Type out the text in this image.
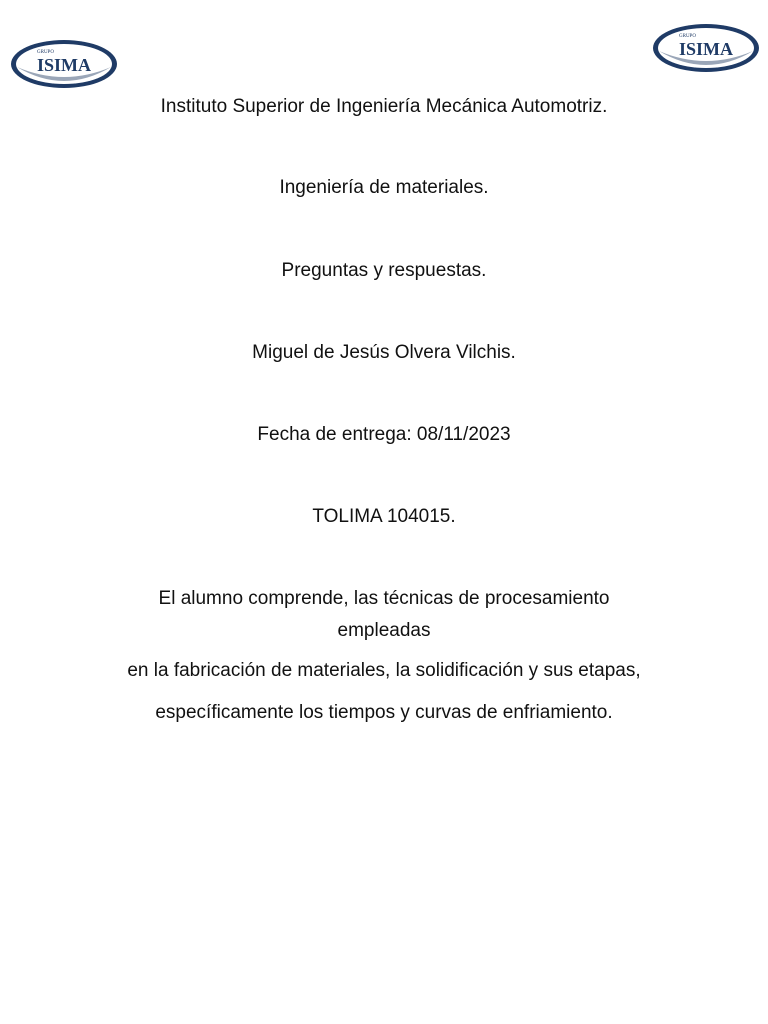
GRUPO
ISIMA
GRUPO
ISIMA
Instituto Superior de Ingeniería Mecánica Automotriz.
Ingeniería de materiales.
Preguntas y respuestas.
Miguel de Jesús Olvera Vilchis.
Fecha de entrega: 08/11/2023
TOLIMA 104015.
El alumno comprende, las técnicas de procesamiento
empleadas
en la fabricación de materiales, la solidificación y sus etapas,
específicamente los tiempos y curvas de enfriamiento.
